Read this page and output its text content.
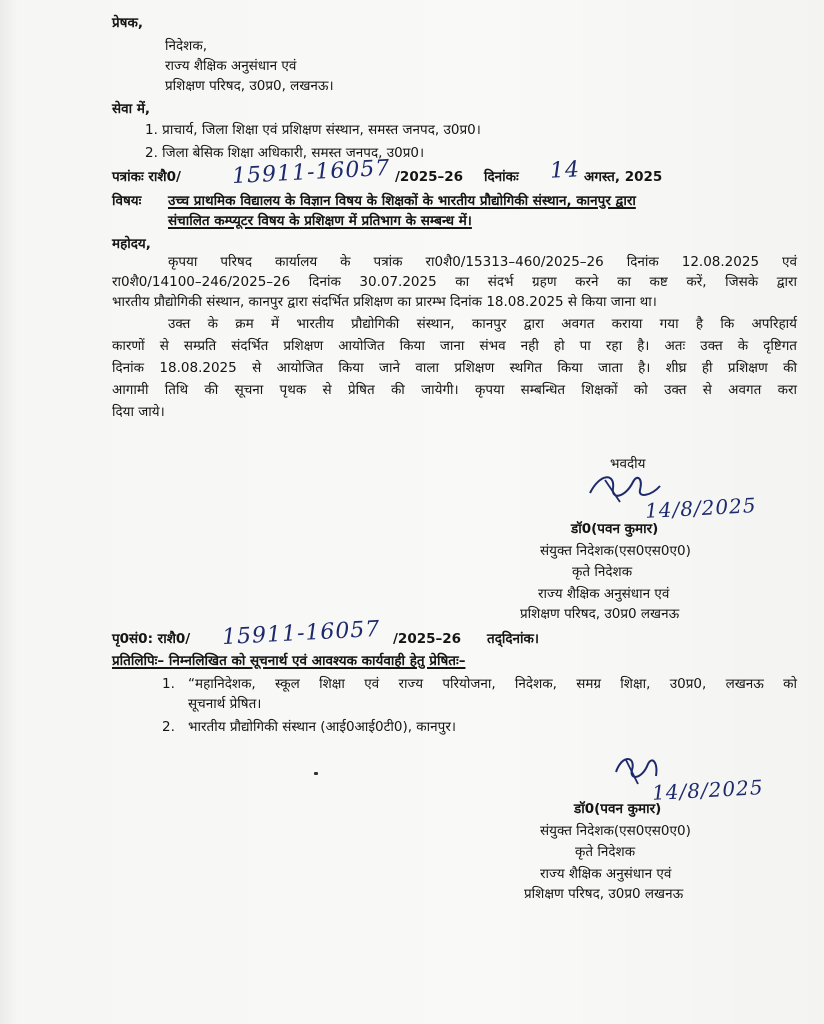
प्रेषक,
निदेशक,
राज्य शैक्षिक अनुसंधान एवं
प्रशिक्षण परिषद, उ0प्र0, लखनऊ।
सेवा में,
1. प्राचार्य, जिला शिक्षा एवं प्रशिक्षण संस्थान, समस्त जनपद, उ0प्र0।
2. जिला बेसिक शिक्षा अधिकारी, समस्त जनपद, उ0प्र0।
पत्रांकः राशै0/ 15911-16057 /2025–26 दिनांकः 14 अगस्त, 2025
विषयः उच्च प्राथमिक विद्यालय के विज्ञान विषय के शिक्षकों के भारतीय प्रौद्योगिकी संस्थान, कानपुर द्वारा
संचालित कम्प्यूटर विषय के प्रशिक्षण में प्रतिभाग के सम्बन्ध में।
महोदय,
कृपया परिषद कार्यालय के पत्रांक रा0शै0/15313–460/2025–26 दिनांक 12.08.2025 एवं
रा0शै0/14100–246/2025–26 दिनांक 30.07.2025 का संदर्भ ग्रहण करने का कष्ट करें, जिसके द्वारा
भारतीय प्रौद्योगिकी संस्थान, कानपुर द्वारा संदर्भित प्रशिक्षण का प्रारम्भ दिनांक 18.08.2025 से किया जाना था।
उक्त के क्रम में भारतीय प्रौद्योगिकी संस्थान, कानपुर द्वारा अवगत कराया गया है कि अपरिहार्य
कारणों से सम्प्रति संदर्भित प्रशिक्षण आयोजित किया जाना संभव नही हो पा रहा है। अतः उक्त के दृष्टिगत
दिनांक 18.08.2025 से आयोजित किया जाने वाला प्रशिक्षण स्थगित किया जाता है। शीघ्र ही प्रशिक्षण की
आगामी तिथि की सूचना पृथक से प्रेषित की जायेगी। कृपया सम्बन्धित शिक्षकों को उक्त से अवगत करा
दिया जाये।
भवदीय
14/8/2025
डॉ0(पवन कुमार)
संयुक्त निदेशक(एस0एस0ए0)
कृते निदेशक
राज्य शैक्षिक अनुसंधान एवं
प्रशिक्षण परिषद, उ0प्र0 लखनऊ
पृ0सं0: राशै0/ 15911-16057 /2025–26 तद्‌दिनांक।
प्रतिलिपिः– निम्नलिखित को सूचनार्थ एवं आवश्यक कार्यवाही हेतु प्रेषितः–
1. “महानिदेशक, स्कूल शिक्षा एवं राज्य परियोजना, निदेशक, समग्र शिक्षा, उ0प्र0, लखनऊ को
सूचनार्थ प्रेषित।
2. भारतीय प्रौद्योगिकी संस्थान (आई0आई0टी0), कानपुर।
14/8/2025
डॉ0(पवन कुमार)
संयुक्त निदेशक(एस0एस0ए0)
कृते निदेशक
राज्य शैक्षिक अनुसंधान एवं
प्रशिक्षण परिषद, उ0प्र0 लखनऊ
